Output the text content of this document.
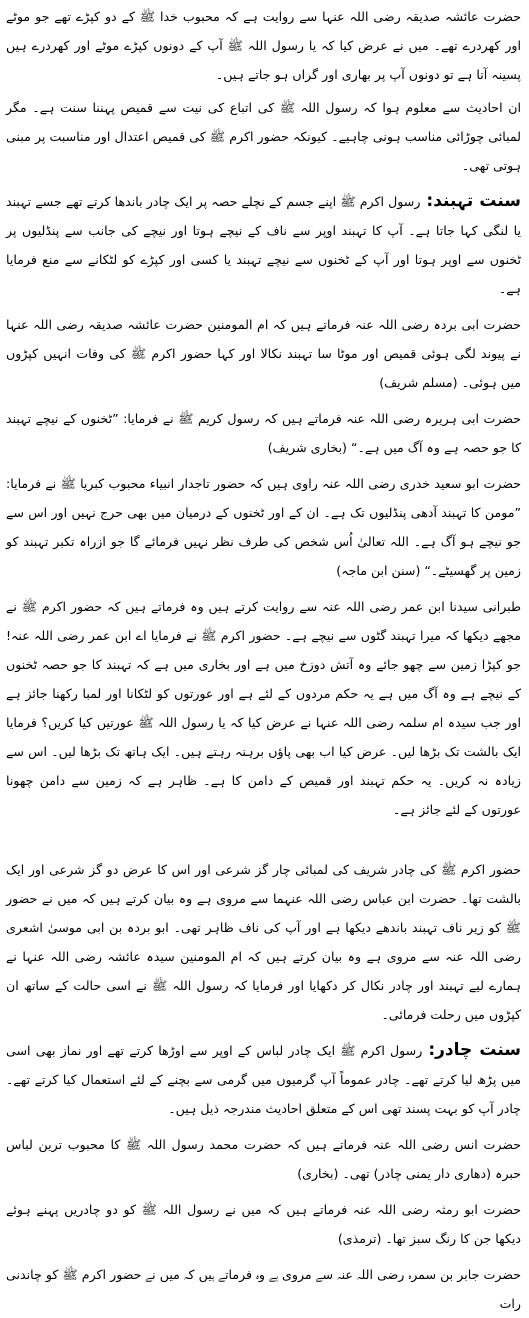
حضرت عائشہ صدیقہ رضی اللہ عنہا سے روایت ہے کہ محبوب خدا ﷺ کے دو کپڑے تھے جو موٹے اور کھردرے تھے۔ میں نے عرض کیا کہ یا رسول اللہ ﷺ آپ کے دونوں کپڑے موٹے اور کھردرے ہیں پسینہ آتا ہے تو دونوں آپ پر بھاری اور گراں ہو جاتے ہیں۔

ان احادیث سے معلوم ہوا کہ رسول اللہ ﷺ کی اتباع کی نیت سے قمیص پہننا سنت ہے۔ مگر لمبائی چوڑائی مناسب ہونی چاہیے۔ کیونکہ حضور اکرم ﷺ کی قمیص اعتدال اور مناسبت پر مبنی ہوتی تھی۔

سنت تہبند:رسول اکرم ﷺ اپنے جسم کے نچلے حصہ پر ایک چادر باندھا کرتے تھے جسے تہبند یا لنگی کہا جاتا ہے۔ آپ کا تہبند اوپر سے ناف کے نیچے ہوتا اور نیچے کی جانب سے پنڈلیوں پر ٹخنوں سے اوپر ہوتا اور آپ کے ٹخنوں سے نیچے تہبند یا کسی اور کپڑے کو لٹکانے سے منع فرمایا ہے۔

حضرت ابی بردہ رضی اللہ عنہ فرماتے ہیں کہ ام المومنین حضرت عائشہ صدیقہ رضی اللہ عنہا نے پیوند لگی ہوئی قمیص اور موٹا سا تہبند نکالا اور کہا حضور اکرم ﷺ کی وفات انہیں کپڑوں میں ہوئی۔ (مسلم شریف)

حضرت ابی ہریرہ رضی اللہ عنہ فرماتے ہیں کہ رسول کریم ﷺ نے فرمایا: ”ٹخنوں کے نیچے تہبند کا جو حصہ ہے وہ آگ میں ہے۔“ (بخاری شریف)

حضرت ابو سعید خدری رضی اللہ عنہ راوی ہیں کہ حضور تاجدار انبیاء محبوب کبریا ﷺ نے فرمایا: ”مومن کا تہبند آدھی پنڈلیوں تک ہے۔ ان کے اور ٹخنوں کے درمیان میں بھی حرج نہیں اور اس سے جو نیچے ہو آگ ہے۔ اللہ تعالیٰ اُس شخص کی طرف نظر نہیں فرمائے گا جو ازراہ تکبر تہبند کو زمین پر گھسیٹے۔“ (سنن ابن ماجہ)

طبرانی سیدنا ابن عمر رضی اللہ عنہ سے روایت کرتے ہیں وہ فرماتے ہیں کہ حضور اکرم ﷺ نے مجھے دیکھا کہ میرا تہبند گٹوں سے نیچے ہے۔ حضور اکرم ﷺ نے فرمایا اے ابن عمر رضی اللہ عنہ! جو کپڑا زمین سے چھو جائے وہ آتش دوزخ میں ہے اور بخاری میں ہے کہ تہبند کا جو حصہ ٹخنوں کے نیچے ہے وہ آگ میں ہے یہ حکم مردوں کے لئے ہے اور عورتوں کو لٹکانا اور لمبا رکھنا جائز ہے اور جب سیدہ ام سلمہ رضی اللہ عنہا نے عرض کیا کہ یا رسول اللہ ﷺ عورتیں کیا کریں؟ فرمایا ایک بالشت تک بڑھا لیں۔ عرض کیا اب بھی پاؤں برہنہ رہتے ہیں۔ ایک ہاتھ تک بڑھا لیں۔ اس سے زیادہ نہ کریں۔ یہ حکم تہبند اور قمیص کے دامن کا ہے۔ ظاہر ہے کہ زمین سے دامن چھونا عورتوں کے لئے جائز ہے۔

حضور اکرم ﷺ کی چادر شریف کی لمبائی چار گز شرعی اور اس کا عرض دو گز شرعی اور ایک بالشت تھا۔ حضرت ابن عباس رضی اللہ عنہما سے مروی ہے وہ بیان کرتے ہیں کہ میں نے حضور ﷺ کو زیر ناف تہبند باندھے دیکھا ہے اور آپ کی ناف ظاہر تھی۔ ابو بردہ بن ابی موسیٰ اشعری رضی اللہ عنہ سے مروی ہے وہ بیان کرتے ہیں کہ ام المومنین سیدہ عائشہ رضی اللہ عنہا نے ہمارے لیے تہبند اور چادر نکال کر دکھایا اور فرمایا کہ رسول اللہ ﷺ نے اسی حالت کے ساتھ ان کپڑوں میں رحلت فرمائی۔

سنت چادر:رسول اکرم ﷺ ایک چادر لباس کے اوپر سے اوڑھا کرتے تھے اور نماز بھی اسی میں پڑھ لیا کرتے تھے۔ چادر عموماً آپ گرمیوں میں گرمی سے بچنے کے لئے استعمال کیا کرتے تھے۔ چادر آپ کو بہت پسند تھی اس کے متعلق احادیث مندرجہ ذیل ہیں۔

حضرت انس رضی اللہ عنہ فرماتے ہیں کہ حضرت محمد رسول اللہ ﷺ کا محبوب ترین لباس حبرہ (دھاری دار یمنی چادر) تھی۔ (بخاری)

حضرت ابو رمثہ رضی اللہ عنہ فرماتے ہیں کہ میں نے رسول اللہ ﷺ کو دو چادریں پہنے ہوئے دیکھا جن کا رنگ سبز تھا۔ (ترمذی)

حضرت جابر بن سمرہ رضی اللہ عنہ سے مروی ہے وہ فرماتے ہیں کہ میں نے حضور اکرم ﷺ کو چاندنی رات
